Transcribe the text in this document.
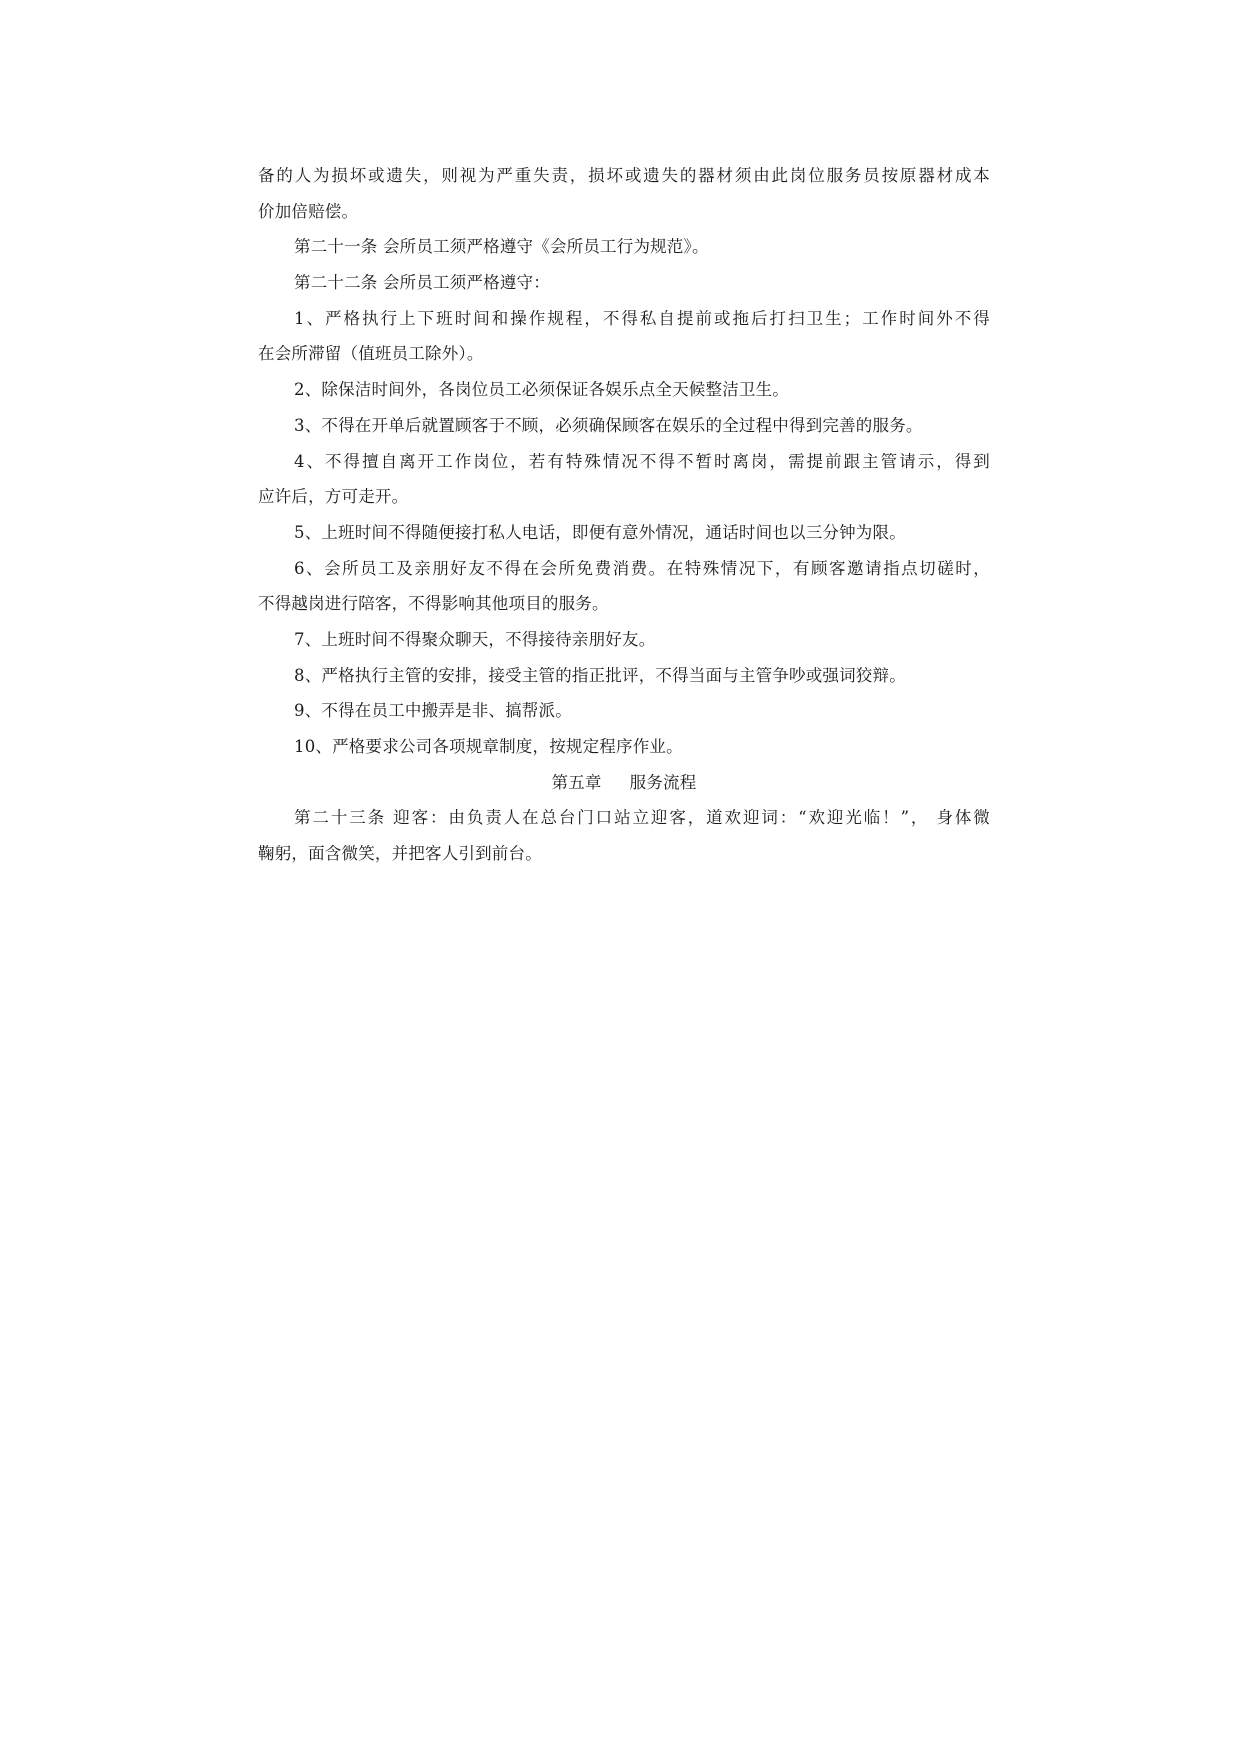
备的人为损坏或遗失，则视为严重失责，损坏或遗失的器材须由此岗位服务员按原器材成本
价加倍赔偿。
第二十一条 会所员工须严格遵守《会所员工行为规范》。
第二十二条 会所员工须严格遵守：
1、严格执行上下班时间和操作规程，不得私自提前或拖后打扫卫生；工作时间外不得
在会所滞留（值班员工除外）。
2、除保洁时间外，各岗位员工必须保证各娱乐点全天候整洁卫生。
3、不得在开单后就置顾客于不顾，必须确保顾客在娱乐的全过程中得到完善的服务。
4、不得擅自离开工作岗位，若有特殊情况不得不暂时离岗，需提前跟主管请示，得到
应许后，方可走开。
5、上班时间不得随便接打私人电话，即便有意外情况，通话时间也以三分钟为限。
6、会所员工及亲朋好友不得在会所免费消费。在特殊情况下，有顾客邀请指点切磋时，
不得越岗进行陪客，不得影响其他项目的服务。
7、上班时间不得聚众聊天，不得接待亲朋好友。
8、严格执行主管的安排，接受主管的指正批评，不得当面与主管争吵或强词狡辩。
9、不得在员工中搬弄是非、搞帮派。
10、严格要求公司各项规章制度，按规定程序作业。
第五章 服务流程
第二十三条 迎客：由负责人在总台门口站立迎客，道欢迎词：“欢迎光临！”， 身体微
鞠躬，面含微笑，并把客人引到前台。
